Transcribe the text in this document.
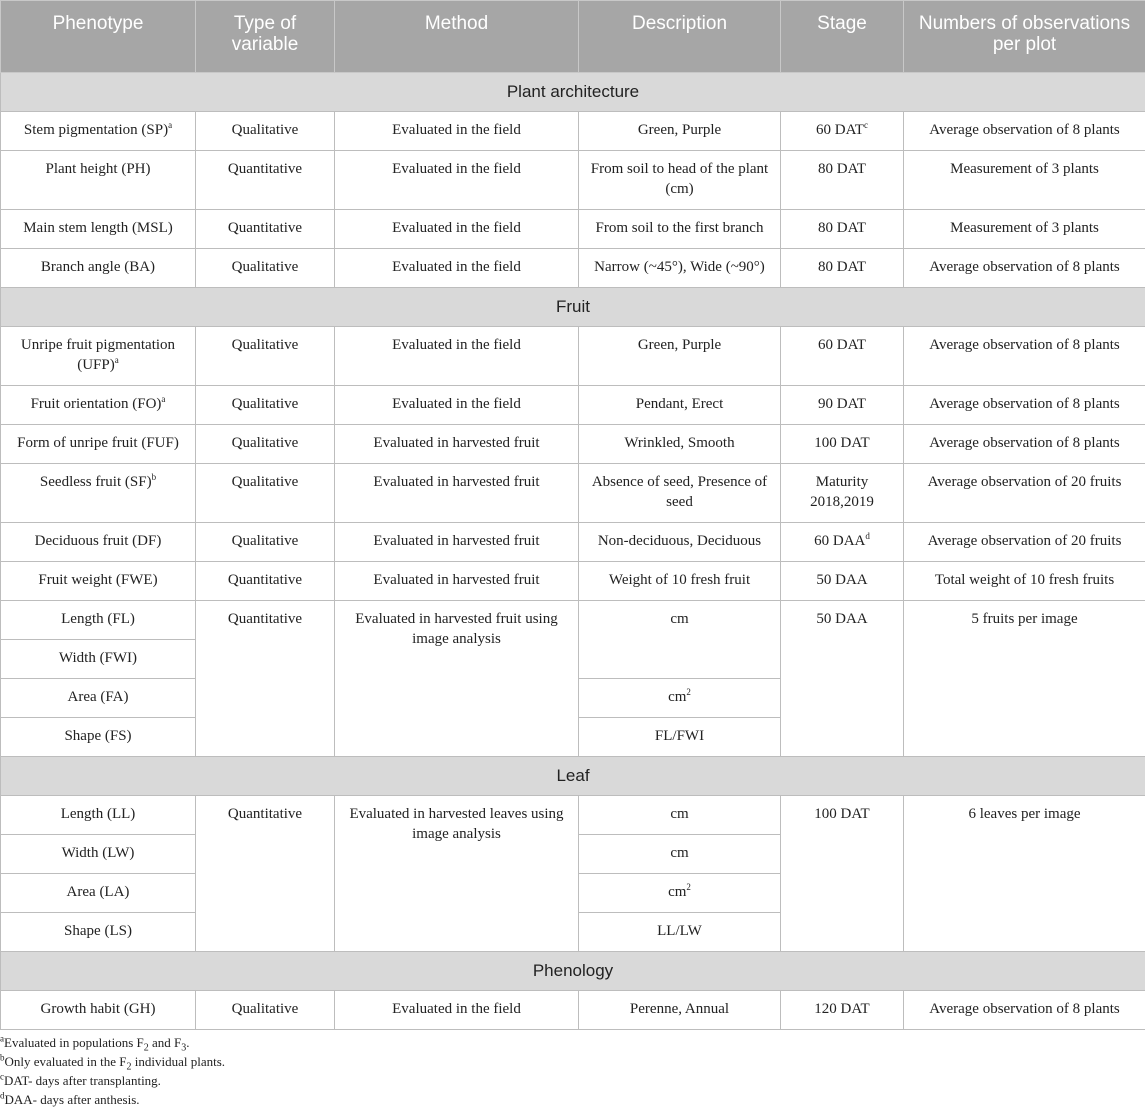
Phenotype	Type of variable	Method	Description	Stage	Numbers of observations per plot
Plant architecture					
Stem pigmentation (SP)$^a$	Qualitative	Evaluated in the field	Green, Purple	60 DAT$^c$	Average observation of 8 plants
Plant height (PH)	Quantitative	Evaluated in the field	From soil to head of the plant (cm)	80 DAT	Measurement of 3 plants
Main stem length (MSL)	Quantitative	Evaluated in the field	From soil to the first branch	80 DAT	Measurement of 3 plants
Branch angle (BA)	Qualitative	Evaluated in the field	Narrow (~45°), Wide (~90°)	80 DAT	Average observation of 8 plants
Fruit					
Unripe fruit pigmentation (UFP)$^a$	Qualitative	Evaluated in the field	Green, Purple	60 DAT	Average observation of 8 plants
Fruit orientation (FO)$^a$	Qualitative	Evaluated in the field	Pendant, Erect	90 DAT	Average observation of 8 plants
Form of unripe fruit (FUF)	Qualitative	Evaluated in harvested fruit	Wrinkled, Smooth	100 DAT	Average observation of 8 plants
Seedless fruit (SF)$^b$	Qualitative	Evaluated in harvested fruit	Absence of seed, Presence of seed	Maturity 2018,2019	Average observation of 20 fruits
Deciduous fruit (DF)	Qualitative	Evaluated in harvested fruit	Non-deciduous, Deciduous	60 DAA$^d$	Average observation of 20 fruits
Fruit weight (FWE)	Quantitative	Evaluated in harvested fruit	Weight of 10 fresh fruit	50 DAA	Total weight of 10 fresh fruits
Length (FL)	Quantitative	Evaluated in harvested fruit using image analysis	cm	50 DAA	5 fruits per image
Width (FWI)					
Area (FA)			$cm^2$
Shape (FS)			FL/FWI		
Leaf					
Length (LL)	Quantitative	Evaluated in harvested leaves using image analysis	cm	100 DAT	6 leaves per image
Width (LW)			cm		
Area (LA)			$cm^2$
Shape (LS)			LL/LW		
Phenology					
Growth habit (GH)	Qualitative	Evaluated in the field	Perenne, Annual	120 DAT	Average observation of 8 plants
$^a$Evaluated in populations $F_2$ and $F_3$.
$^b$Only evaluated in the $F_2$ individual plants.
$^c$DAT- days after transplanting.
$^d$DAA- days after anthesis.
